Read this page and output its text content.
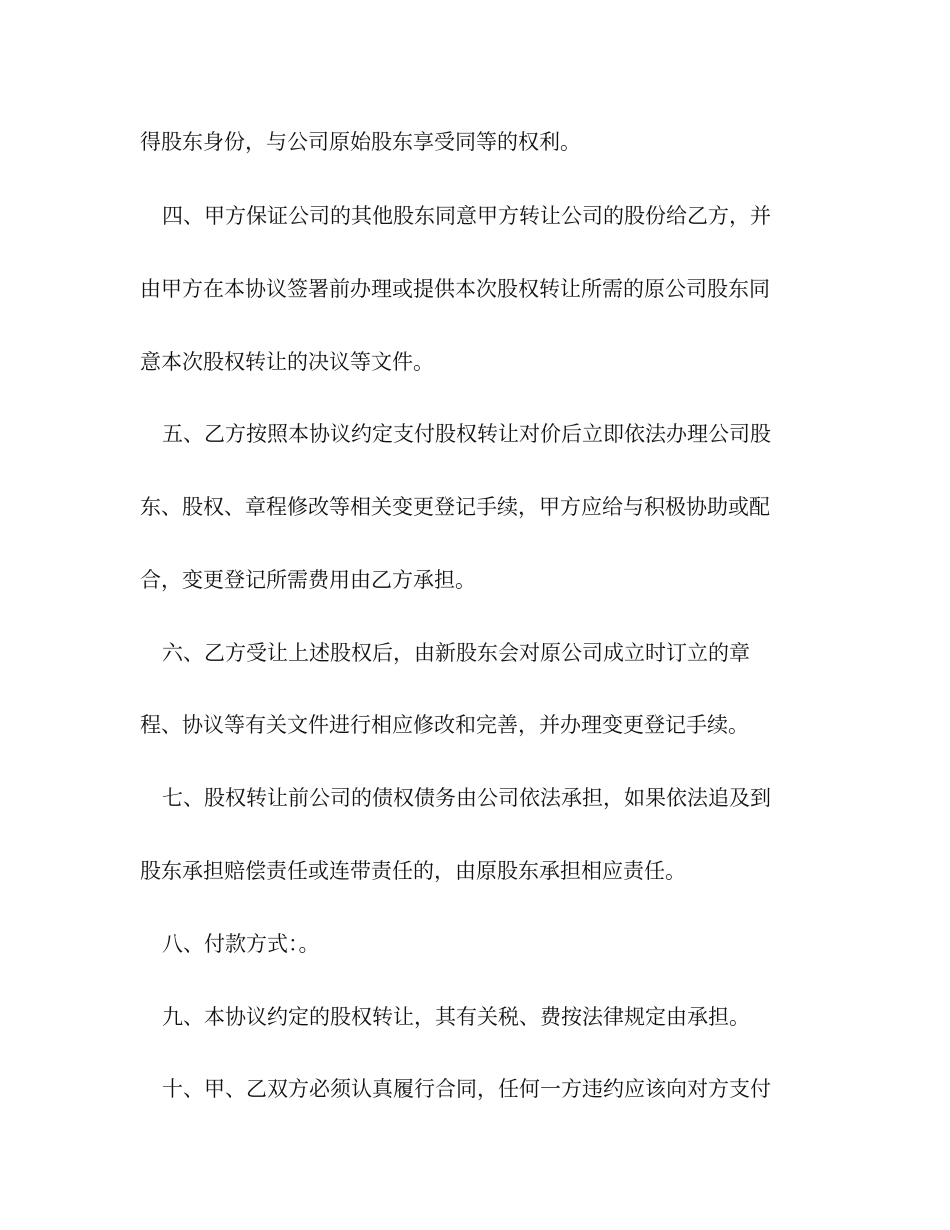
得股东身份，与公司原始股东享受同等的权利。

四、甲方保证公司的其他股东同意甲方转让公司的股份给乙方，并

由甲方在本协议签署前办理或提供本次股权转让所需的原公司股东同

意本次股权转让的决议等文件。

五、乙方按照本协议约定支付股权转让对价后立即依法办理公司股

东、股权、章程修改等相关变更登记手续，甲方应给与积极协助或配

合，变更登记所需费用由乙方承担。

六、乙方受让上述股权后，由新股东会对原公司成立时订立的章

程、协议等有关文件进行相应修改和完善，并办理变更登记手续。

七、股权转让前公司的债权债务由公司依法承担，如果依法追及到

股东承担赔偿责任或连带责任的，由原股东承担相应责任。

八、付款方式：。

九、本协议约定的股权转让，其有关税、费按法律规定由承担。

十、甲、乙双方必须认真履行合同，任何一方违约应该向对方支付
